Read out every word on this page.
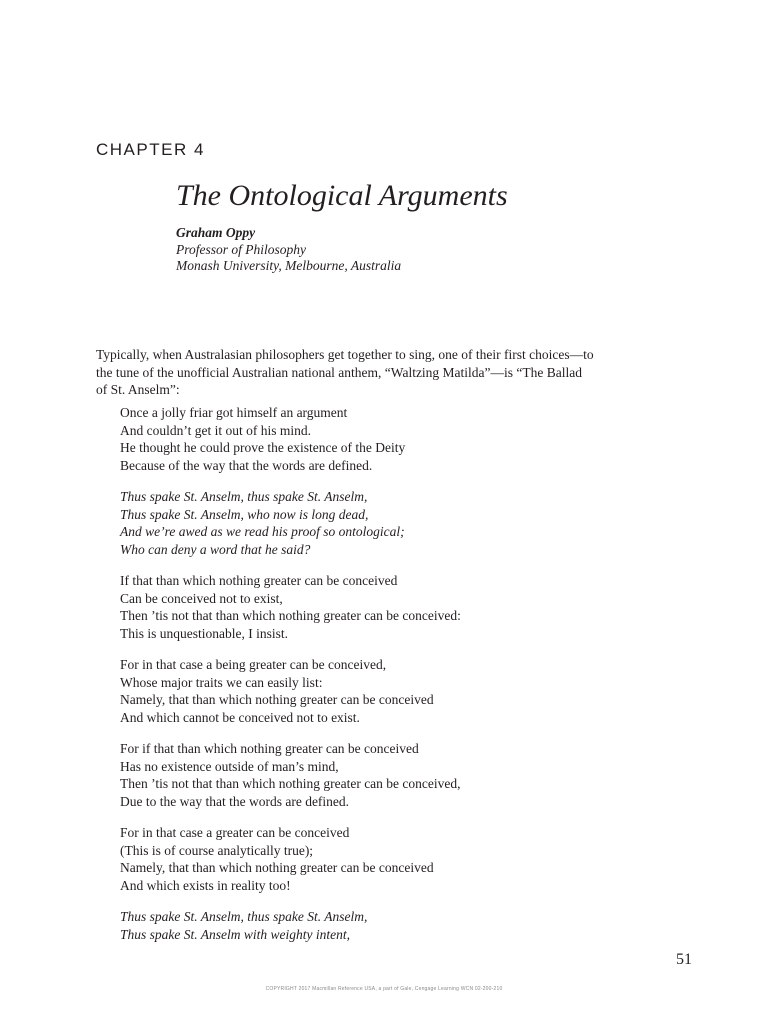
CHAPTER 4
The Ontological Arguments
Graham Oppy
Professor of Philosophy
Monash University, Melbourne, Australia

Typically, when Australasian philosophers get together to sing, one of their first choices—to the tune of the unofficial Australian national anthem, “Waltzing Matilda”—is “The Ballad of St. Anselm”:

Once a jolly friar got himself an argument
And couldn’t get it out of his mind.
He thought he could prove the existence of the Deity
Because of the way that the words are defined.
Thus spake St. Anselm, thus spake St. Anselm,
Thus spake St. Anselm, who now is long dead,
And we’re awed as we read his proof so ontological;
Who can deny a word that he said?
If that than which nothing greater can be conceived
Can be conceived not to exist,
Then ’tis not that than which nothing greater can be conceived:
This is unquestionable, I insist.
For in that case a being greater can be conceived,
Whose major traits we can easily list:
Namely, that than which nothing greater can be conceived
And which cannot be conceived not to exist.
For if that than which nothing greater can be conceived
Has no existence outside of man’s mind,
Then ’tis not that than which nothing greater can be conceived,
Due to the way that the words are defined.
For in that case a greater can be conceived
(This is of course analytically true);
Namely, that than which nothing greater can be conceived
And which exists in reality too!
Thus spake St. Anselm, thus spake St. Anselm,
Thus spake St. Anselm with weighty intent,
51
COPYRIGHT 2017 Macmillan Reference USA, a part of Gale, Cengage Learning WCN 02-200-210
